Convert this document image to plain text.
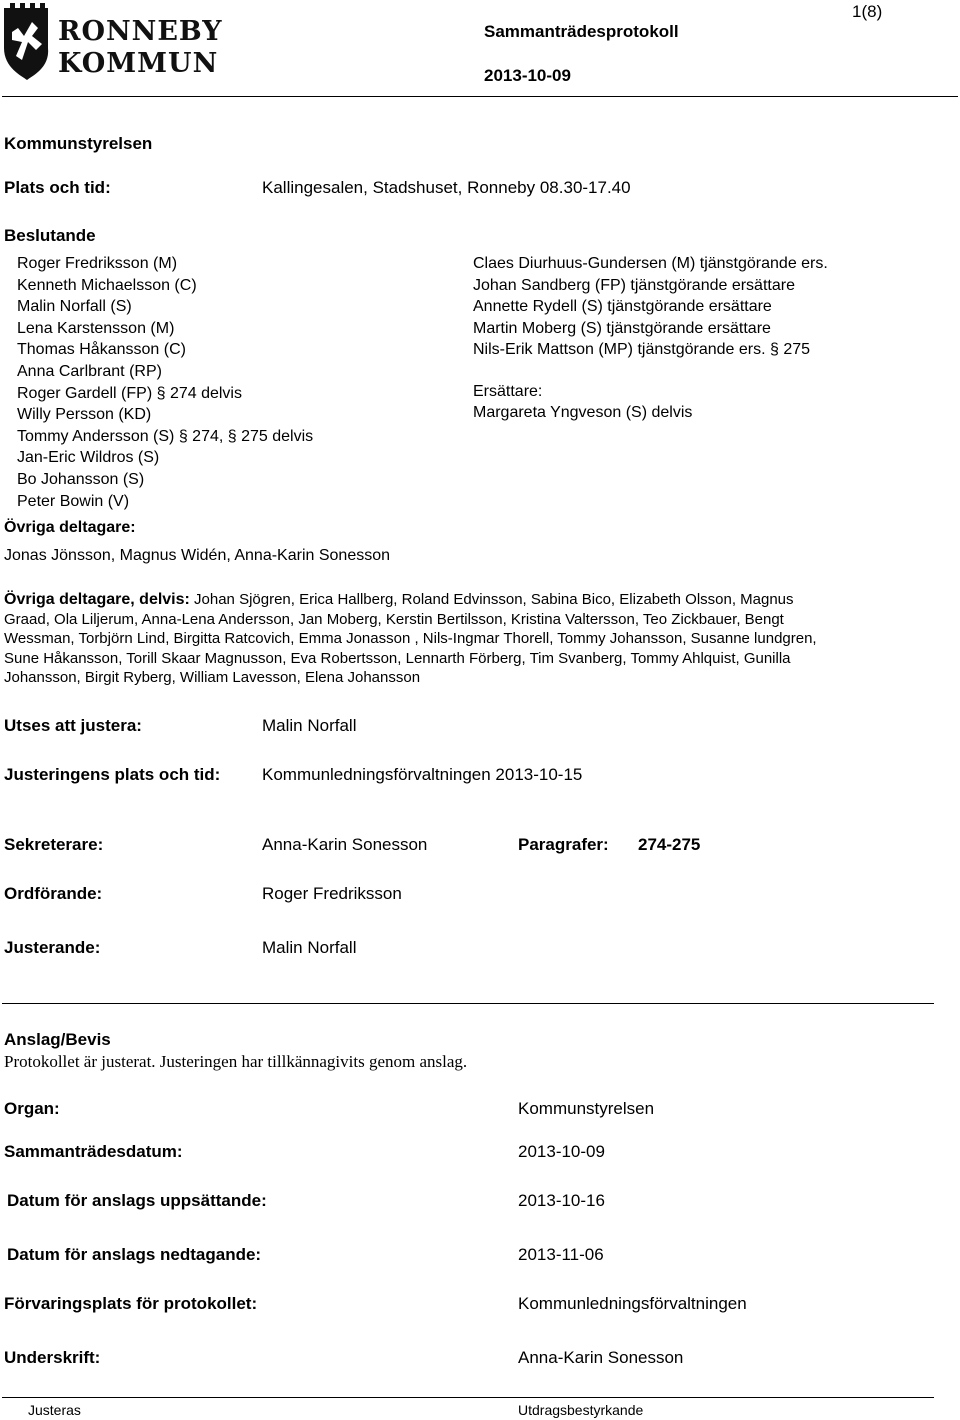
RONNEBY
KOMMUN
Sammanträdesprotokoll
2013-10-09
1(8)
Kommunstyrelsen
Plats och tid:	Kallingesalen, Stadshuset, Ronneby 08.30-17.40
Beslutande
Roger Fredriksson (M)
Kenneth Michaelsson (C)
Malin Norfall (S)
Lena Karstensson (M)
Thomas Håkansson (C)
Anna Carlbrant (RP)
Roger Gardell (FP) § 274 delvis
Willy Persson (KD)
Tommy Andersson (S) § 274, § 275 delvis
Jan-Eric Wildros (S)
Bo Johansson (S)
Peter Bowin (V)
Claes Diurhuus-Gundersen (M) tjänstgörande ers.
Johan Sandberg (FP) tjänstgörande ersättare
Annette Rydell (S) tjänstgörande ersättare
Martin Moberg (S) tjänstgörande ersättare
Nils-Erik Mattson (MP) tjänstgörande ers. § 275
Ersättare:
Margareta Yngveson (S) delvis
Övriga deltagare:
Jonas Jönsson, Magnus Widén, Anna-Karin Sonesson
Övriga deltagare, delvis: Johan Sjögren, Erica Hallberg, Roland Edvinsson, Sabina Bico, Elizabeth Olsson, Magnus
Graad, Ola Liljerum, Anna-Lena Andersson, Jan Moberg, Kerstin Bertilsson, Kristina Valtersson, Teo Zickbauer, Bengt
Wessman, Torbjörn Lind, Birgitta Ratcovich, Emma Jonasson , Nils-Ingmar Thorell, Tommy Johansson, Susanne lundgren,
Sune Håkansson, Torill Skaar Magnusson, Eva Robertsson, Lennarth Förberg, Tim Svanberg, Tommy Ahlquist, Gunilla
Johansson, Birgit Ryberg, William Lavesson, Elena Johansson
Utses att justera:	Malin Norfall
Justeringens plats och tid: Kommunledningsförvaltningen 2013-10-15
Sekreterare:	Anna-Karin Sonesson	Paragrafer: 274-275
Ordförande:	Roger Fredriksson
Justerande:	Malin Norfall
Anslag/Bevis
Protokollet är justerat. Justeringen har tillkännagivits genom anslag.
Organ:	Kommunstyrelsen
Sammanträdesdatum:	2013-10-09
Datum för anslags uppsättande:	2013-10-16
Datum för anslags nedtagande:	2013-11-06
Förvaringsplats för protokollet:	Kommunledningsförvaltningen
Underskrift:	Anna-Karin Sonesson
Justeras	Utdragsbestyrkande
